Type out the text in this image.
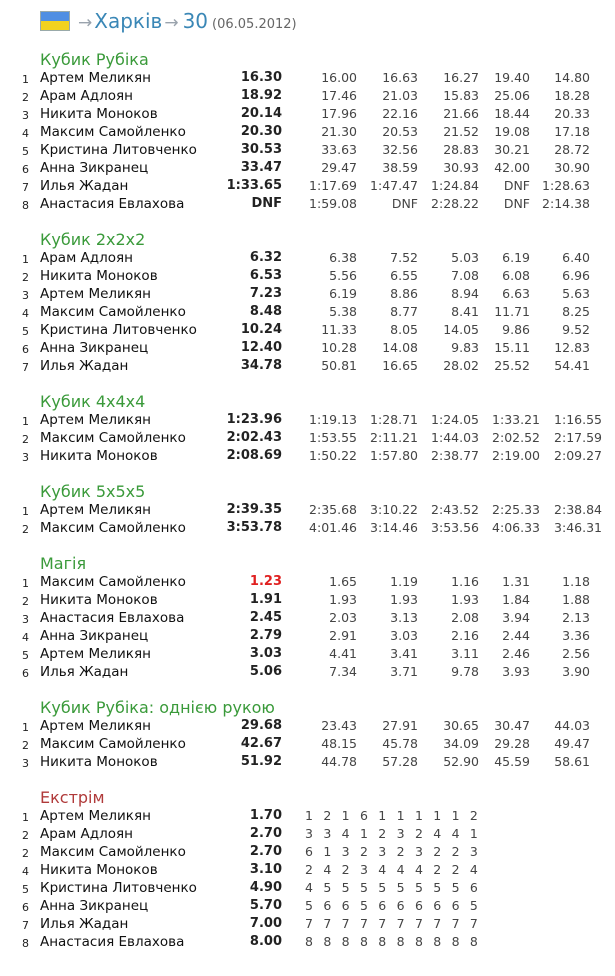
→ Харків → 30 (06.05.2012)
Кубик Рубіка
1 Артем Меликян	16.30	16.00	16.63	16.27	19.40	14.80
2 Арам Адлоян	18.92	17.46	21.03	15.83	25.06	18.28
3 Никита Моноков	20.14	17.96	22.16	21.66	18.44	20.33
4 Максим Самойленко	20.30	21.30	20.53	21.52	19.08	17.18
5 Кристина Литовченко	30.53	33.63	32.56	28.83	30.21	28.72
6 Анна Зикранец	33.47	29.47	38.59	30.93	42.00	30.90
7 Илья Жадан	1:33.65	1:17.69	1:47.47	1:24.84	DNF 1:28.63
8 Анастасия Евлахова	DNF	1:59.08	DNF	2:28.22	DNF 2:14.38
Кубик 2x2x2
1 Арам Адлоян	6.32	6.38	7.52	5.03	6.19	6.40
2 Никита Моноков	6.53	5.56	6.55	7.08	6.08	6.96
3 Артем Меликян	7.23	6.19	8.86	8.94	6.63	5.63
4 Максим Самойленко	8.48	5.38	8.77	8.41	11.71	8.25
5 Кристина Литовченко	10.24	11.33	8.05	14.05	9.86	9.52
6 Анна Зикранец	12.40	10.28	14.08	9.83	15.11	12.83
7 Илья Жадан	34.78	50.81	16.65	28.02	25.52	54.41
Кубик 4x4x4
1 Артем Меликян	1:23.96	1:19.13	1:28.71	1:24.05	1:33.21	1:16.55
2 Максим Самойленко	2:02.43	1:53.55	2:11.21	1:44.03	2:02.52	2:17.59
3 Никита Моноков	2:08.69	1:50.22	1:57.80	2:38.77	2:19.00	2:09.27
Кубик 5x5x5
1 Артем Меликян	2:39.35	2:35.68	3:10.22	2:43.52	2:25.33	2:38.84
2 Максим Самойленко	3:53.78	4:01.46	3:14.46	3:53.56	4:06.33	3:46.31
Магія
1 Максим Самойленко	1.23	1.65	1.19	1.16	1.31	1.18
2 Никита Моноков	1.91	1.93	1.93	1.93	1.84	1.88
3 Анастасия Евлахова	2.45	2.03	3.13	2.08	3.94	2.13
4 Анна Зикранец	2.79	2.91	3.03	2.16	2.44	3.36
5 Артем Меликян	3.03	4.41	3.41	3.11	2.46	2.56
6 Илья Жадан	5.06	7.34	3.71	9.78	3.93	3.90
Кубик Рубіка: однією рукою
1 Артем Меликян	29.68	23.43	27.91	30.65	30.47	44.03
2 Максим Самойленко	42.67	48.15	45.78	34.09	29.28	49.47
3 Никита Моноков	51.92	44.78	57.28	52.90	45.59	58.61
Екстрім
1 Артем Меликян	1.70 1 2 1 6 1 1 1 1 1 2
2 Арам Адлоян	2.70 3 3 4 1 2 3 2 4 4 1
2 Максим Самойленко	2.70 6 1 3 2 3 2 3 2 2 3
4 Никита Моноков	3.10 2 4 2 3 4 4 4 2 2 4
5 Кристина Литовченко	4.90 4 5 5 5 5 5 5 5 5 6
6 Анна Зикранец	5.70 5 6 6 5 6 6 6 6 6 5
7 Илья Жадан	7.00 7 7 7 7 7 7 7 7 7 7
8 Анастасия Евлахова	8.00 8 8 8 8 8 8 8 8 8 8
